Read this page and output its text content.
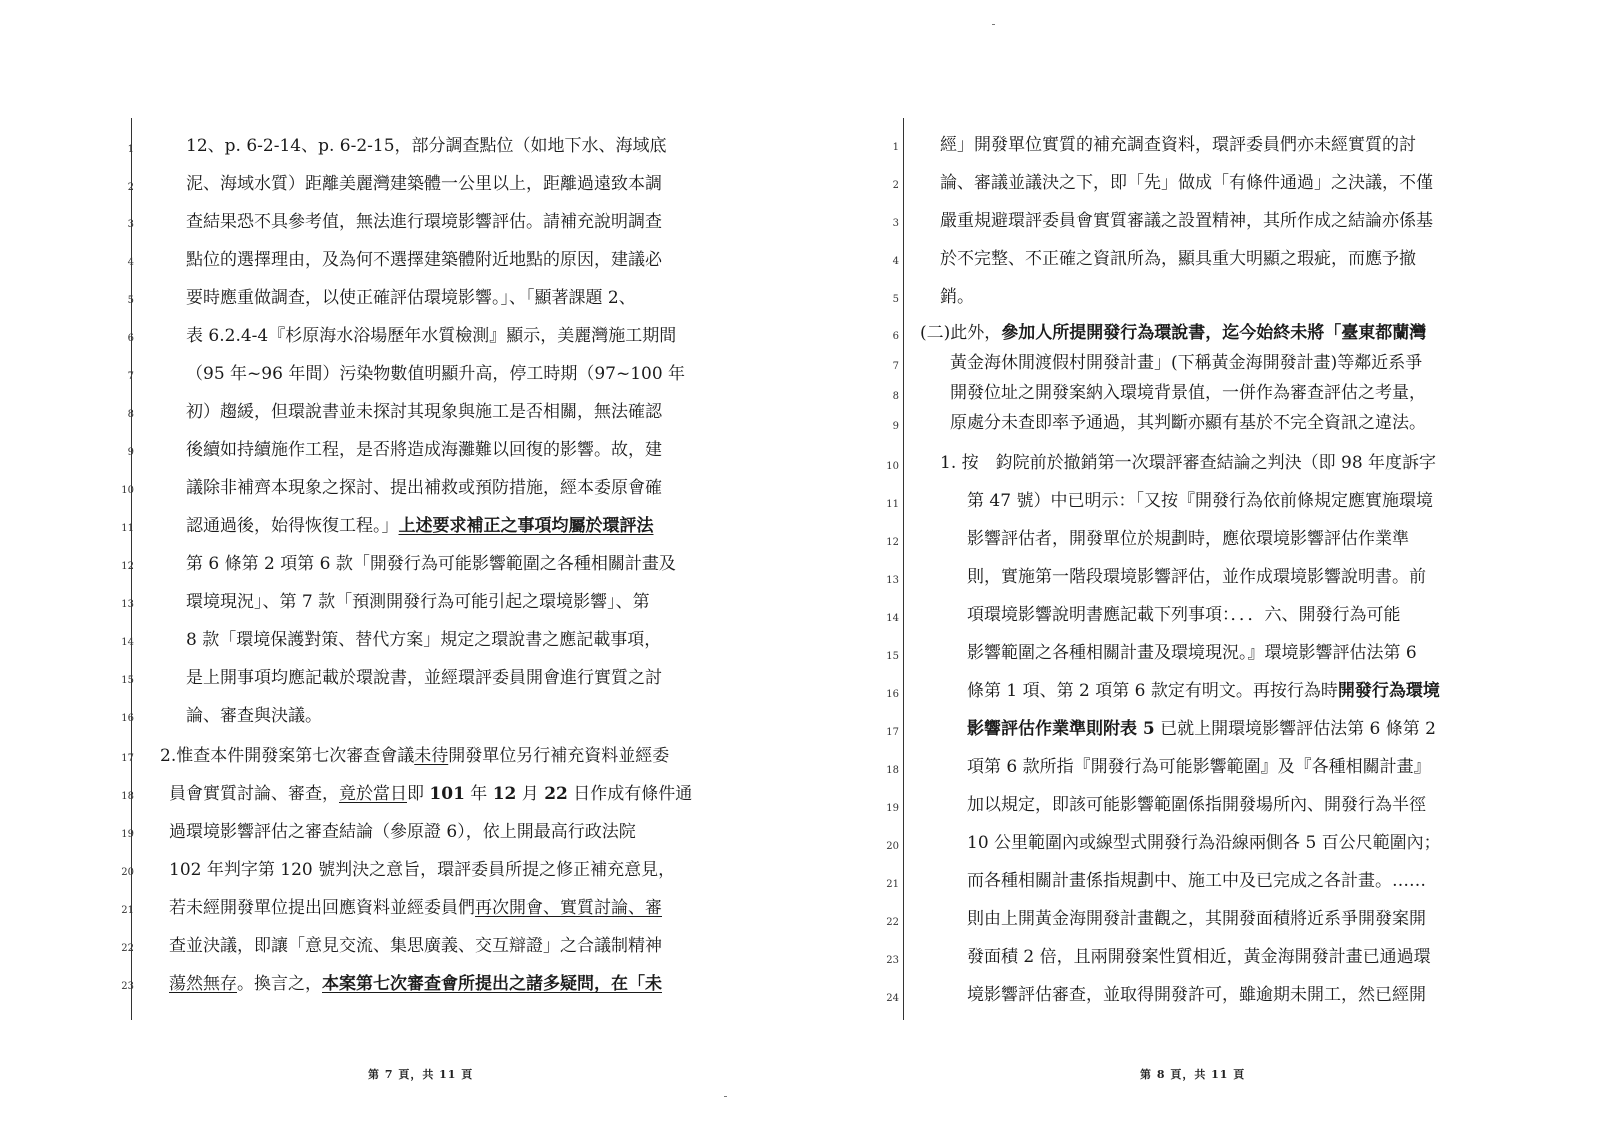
1
2
3
4
5
6
7
8
9
10
11
12
13
14
15
16
17
18
19
20
21
22
23
12、p. 6-2-14、p. 6-2-15，部分調查點位（如地下水、海域底
泥、海域水質）距離美麗灣建築體一公里以上，距離過遠致本調
查結果恐不具參考值，無法進行環境影響評估。請補充說明調查
點位的選擇理由，及為何不選擇建築體附近地點的原因，建議必
要時應重做調查，以使正確評估環境影響。」、「顯著課題 2、
表 6.2.4-4『杉原海水浴場歷年水質檢測』顯示，美麗灣施工期間
（95 年~96 年間）污染物數值明顯升高，停工時期（97~100 年
初）趨緩，但環說書並未探討其現象與施工是否相關，無法確認
後續如持續施作工程，是否將造成海灘難以回復的影響。故，建
議除非補齊本現象之探討、提出補救或預防措施，經本委原會確
認通過後，始得恢復工程。」上述要求補正之事項均屬於環評法
第 6 條第 2 項第 6 款「開發行為可能影響範圍之各種相關計畫及
環境現況」、第 7 款「預測開發行為可能引起之環境影響」、第
8 款「環境保護對策、替代方案」規定之環說書之應記載事項，
是上開事項均應記載於環說書，並經環評委員開會進行實質之討
論、審查與決議。
2.惟查本件開發案第七次審查會議未待開發單位另行補充資料並經委
員會實質討論、審查，竟於當日即 101 年 12 月 22 日作成有條件通
過環境影響評估之審查結論（參原證 6），依上開最高行政法院
102 年判字第 120 號判決之意旨，環評委員所提之修正補充意見，
若未經開發單位提出回應資料並經委員們再次開會、實質討論、審
查並決議，即讓「意見交流、集思廣義、交互辯證」之合議制精神
蕩然無存。換言之，本案第七次審查會所提出之諸多疑問，在「未
第 7 頁，共 11 頁
1
2
3
4
5
6
7
8
9
10
11
12
13
14
15
16
17
18
19
20
21
22
23
24
經」開發單位實質的補充調查資料，環評委員們亦未經實質的討
論、審議並議決之下，即「先」做成「有條件通過」之決議，不僅
嚴重規避環評委員會實質審議之設置精神，其所作成之結論亦係基
於不完整、不正確之資訊所為，顯具重大明顯之瑕疵，而應予撤
銷。
(二)此外，參加人所提開發行為環說書，迄今始終未將「臺東都蘭灣
黃金海休閒渡假村開發計畫」(下稱黃金海開發計畫)等鄰近系爭
開發位址之開發案納入環境背景值，一併作為審查評估之考量，
原處分未查即率予通過，其判斷亦顯有基於不完全資訊之違法。
1. 按　鈞院前於撤銷第一次環評審查結論之判決（即 98 年度訴字
第 47 號）中已明示：「又按『開發行為依前條規定應實施環境
影響評估者，開發單位於規劃時，應依環境影響評估作業準
則，實施第一階段環境影響評估，並作成環境影響說明書。前
項環境影響說明書應記載下列事項：．．．六、開發行為可能
影響範圍之各種相關計畫及環境現況。』環境影響評估法第 6
條第 1 項、第 2 項第 6 款定有明文。再按行為時開發行為環境
影響評估作業準則附表 5 已就上開環境影響評估法第 6 條第 2
項第 6 款所指『開發行為可能影響範圍』及『各種相關計畫』
加以規定，即該可能影響範圍係指開發場所內、開發行為半徑
10 公里範圍內或線型式開發行為沿線兩側各 5 百公尺範圍內；
而各種相關計畫係指規劃中、施工中及已完成之各計畫。……
則由上開黃金海開發計畫觀之，其開發面積將近系爭開發案開
發面積 2 倍，且兩開發案性質相近，黃金海開發計畫已通過環
境影響評估審查，並取得開發許可，雖逾期未開工，然已經開
第 8 頁，共 11 頁
